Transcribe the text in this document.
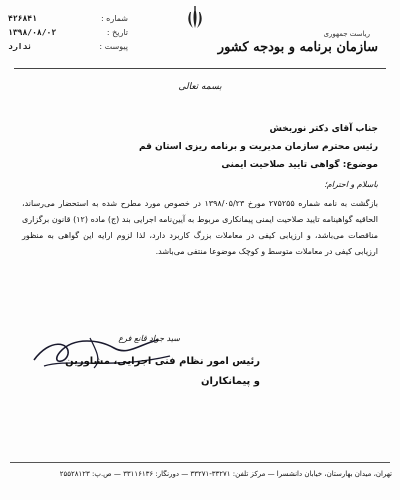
شماره :
۴۲۶۸۴۱
تاریخ :
۱۳۹۸/۰۸/۰۲
پیوست :
ندارد
ریاست جمهوری
سازمان برنامه و بودجه کشور
بسمه تعالی
جناب آقای دکتر نوربخش
رئیس محترم سازمان مدیریت و برنامه ریزی استان قم
موضوع: گواهی تایید صلاحیت ایمنی
باسلام و احترام؛
بازگشت به نامه شماره ۲۷۵۲۵۵ مورخ ۱۳۹۸/۰۵/۲۳ در خصوص مورد مطرح شده به استحضار می‌رساند، الحاقیه گواهینامه تایید صلاحیت ایمنی پیمانکاری مربوط به آیین‌نامه اجرایی بند (ج) ماده (۱۲) قانون برگزاری مناقصات می‌باشد، و ارزیابی کیفی در معاملات بزرگ کاربرد دارد، لذا لزوم ارایه این گواهی به منظور ارزیابی کیفی در معاملات متوسط و کوچک موضوعا منتفی می‌باشد.
سید جواد قانع فرع
رئیس امور نظام فنی اجرایی، مشاورین
و پیمانکاران
تهران، میدان بهارستان، خیابان دانشسرا — مرکز تلفن: ۳۳۲۷۱-۳۳۲۷۱ — دورنگار: ۳۳۱۱۶۱۳۶ — ص.پ: ۲۵۵۲۸۱۲۳
